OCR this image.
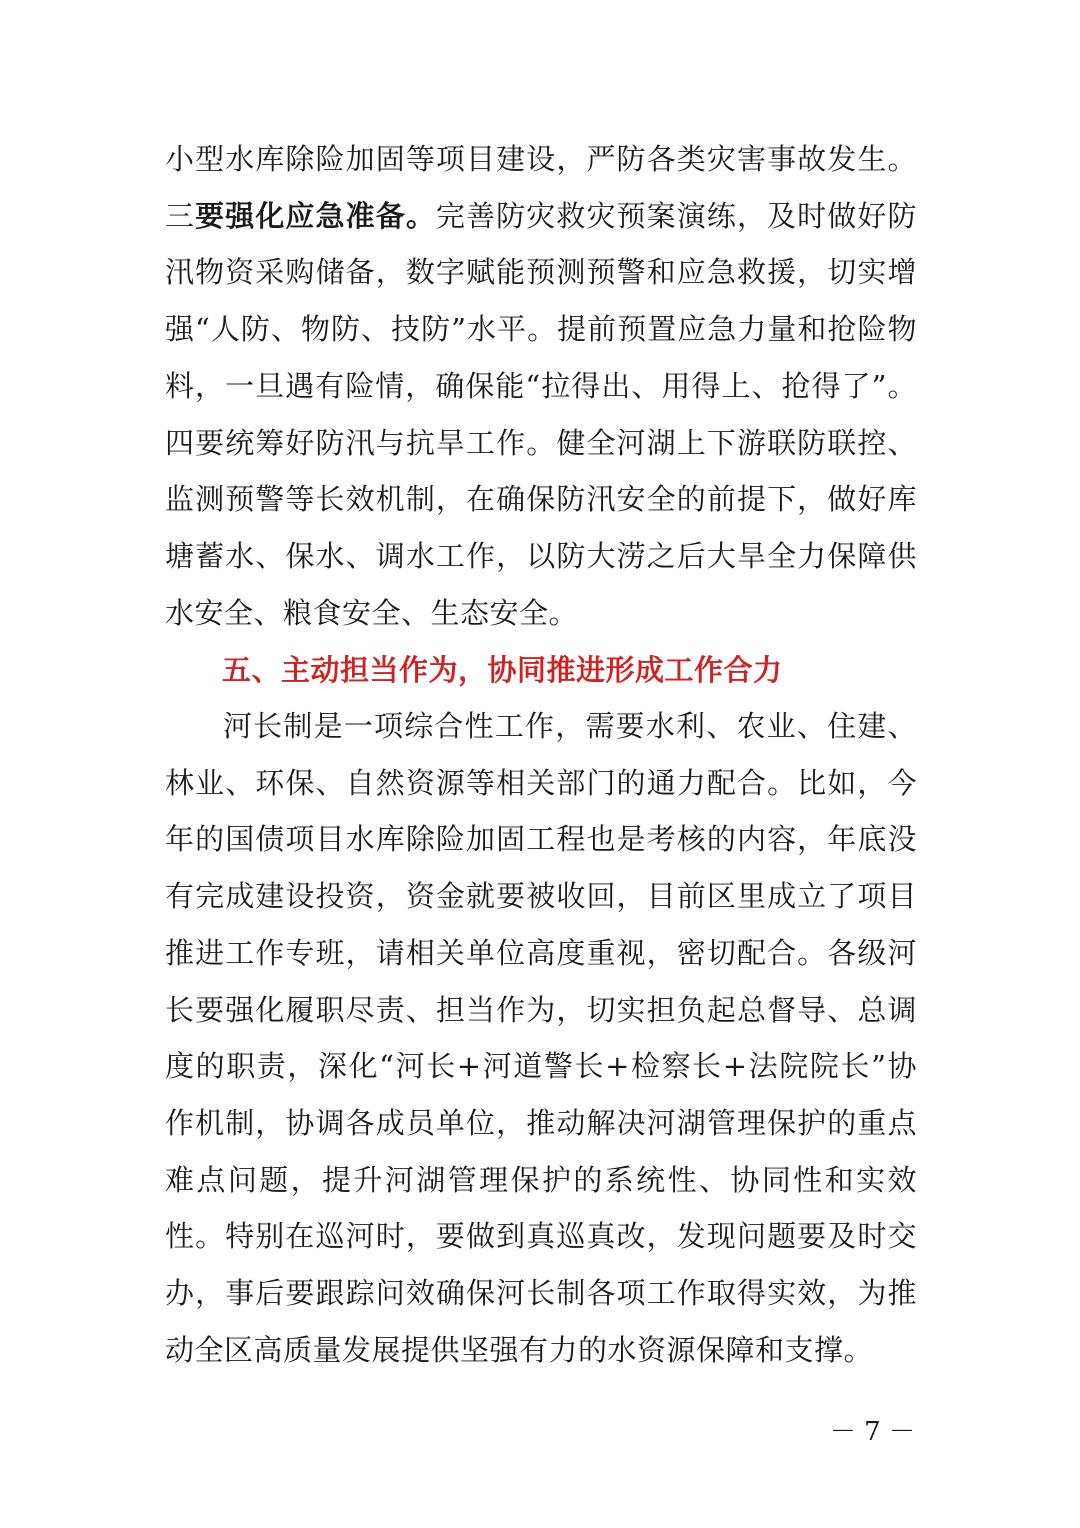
小型水库除险加固等项目建设，严防各类灾害事故发生。三要强化应急准备。完善防灾救灾预案演练，及时做好防汛物资采购储备，数字赋能预测预警和应急救援，切实增强“人防、物防、技防”水平。提前预置应急力量和抢险物料，一旦遇有险情，确保能“拉得出、用得上、抢得了”。四要统筹好防汛与抗旱工作。健全河湖上下游联防联控、监测预警等长效机制，在确保防汛安全的前提下，做好库塘蓄水、保水、调水工作，以防大涝之后大旱全力保障供水安全、粮食安全、生态安全。
五、主动担当作为，协同推进形成工作合力
河长制是一项综合性工作，需要水利、农业、住建、林业、环保、自然资源等相关部门的通力配合。比如，今年的国债项目水库除险加固工程也是考核的内容，年底没有完成建设投资，资金就要被收回，目前区里成立了项目推进工作专班，请相关单位高度重视，密切配合。各级河长要强化履职尽责、担当作为，切实担负起总督导、总调度的职责，深化“河长+河道警长+检察长+法院院长”协作机制，协调各成员单位，推动解决河湖管理保护的重点难点问题，提升河湖管理保护的系统性、协同性和实效性。特别在巡河时，要做到真巡真改，发现问题要及时交办，事后要跟踪问效确保河长制各项工作取得实效，为推动全区高质量发展提供坚强有力的水资源保障和支撑。
－ 7 －
